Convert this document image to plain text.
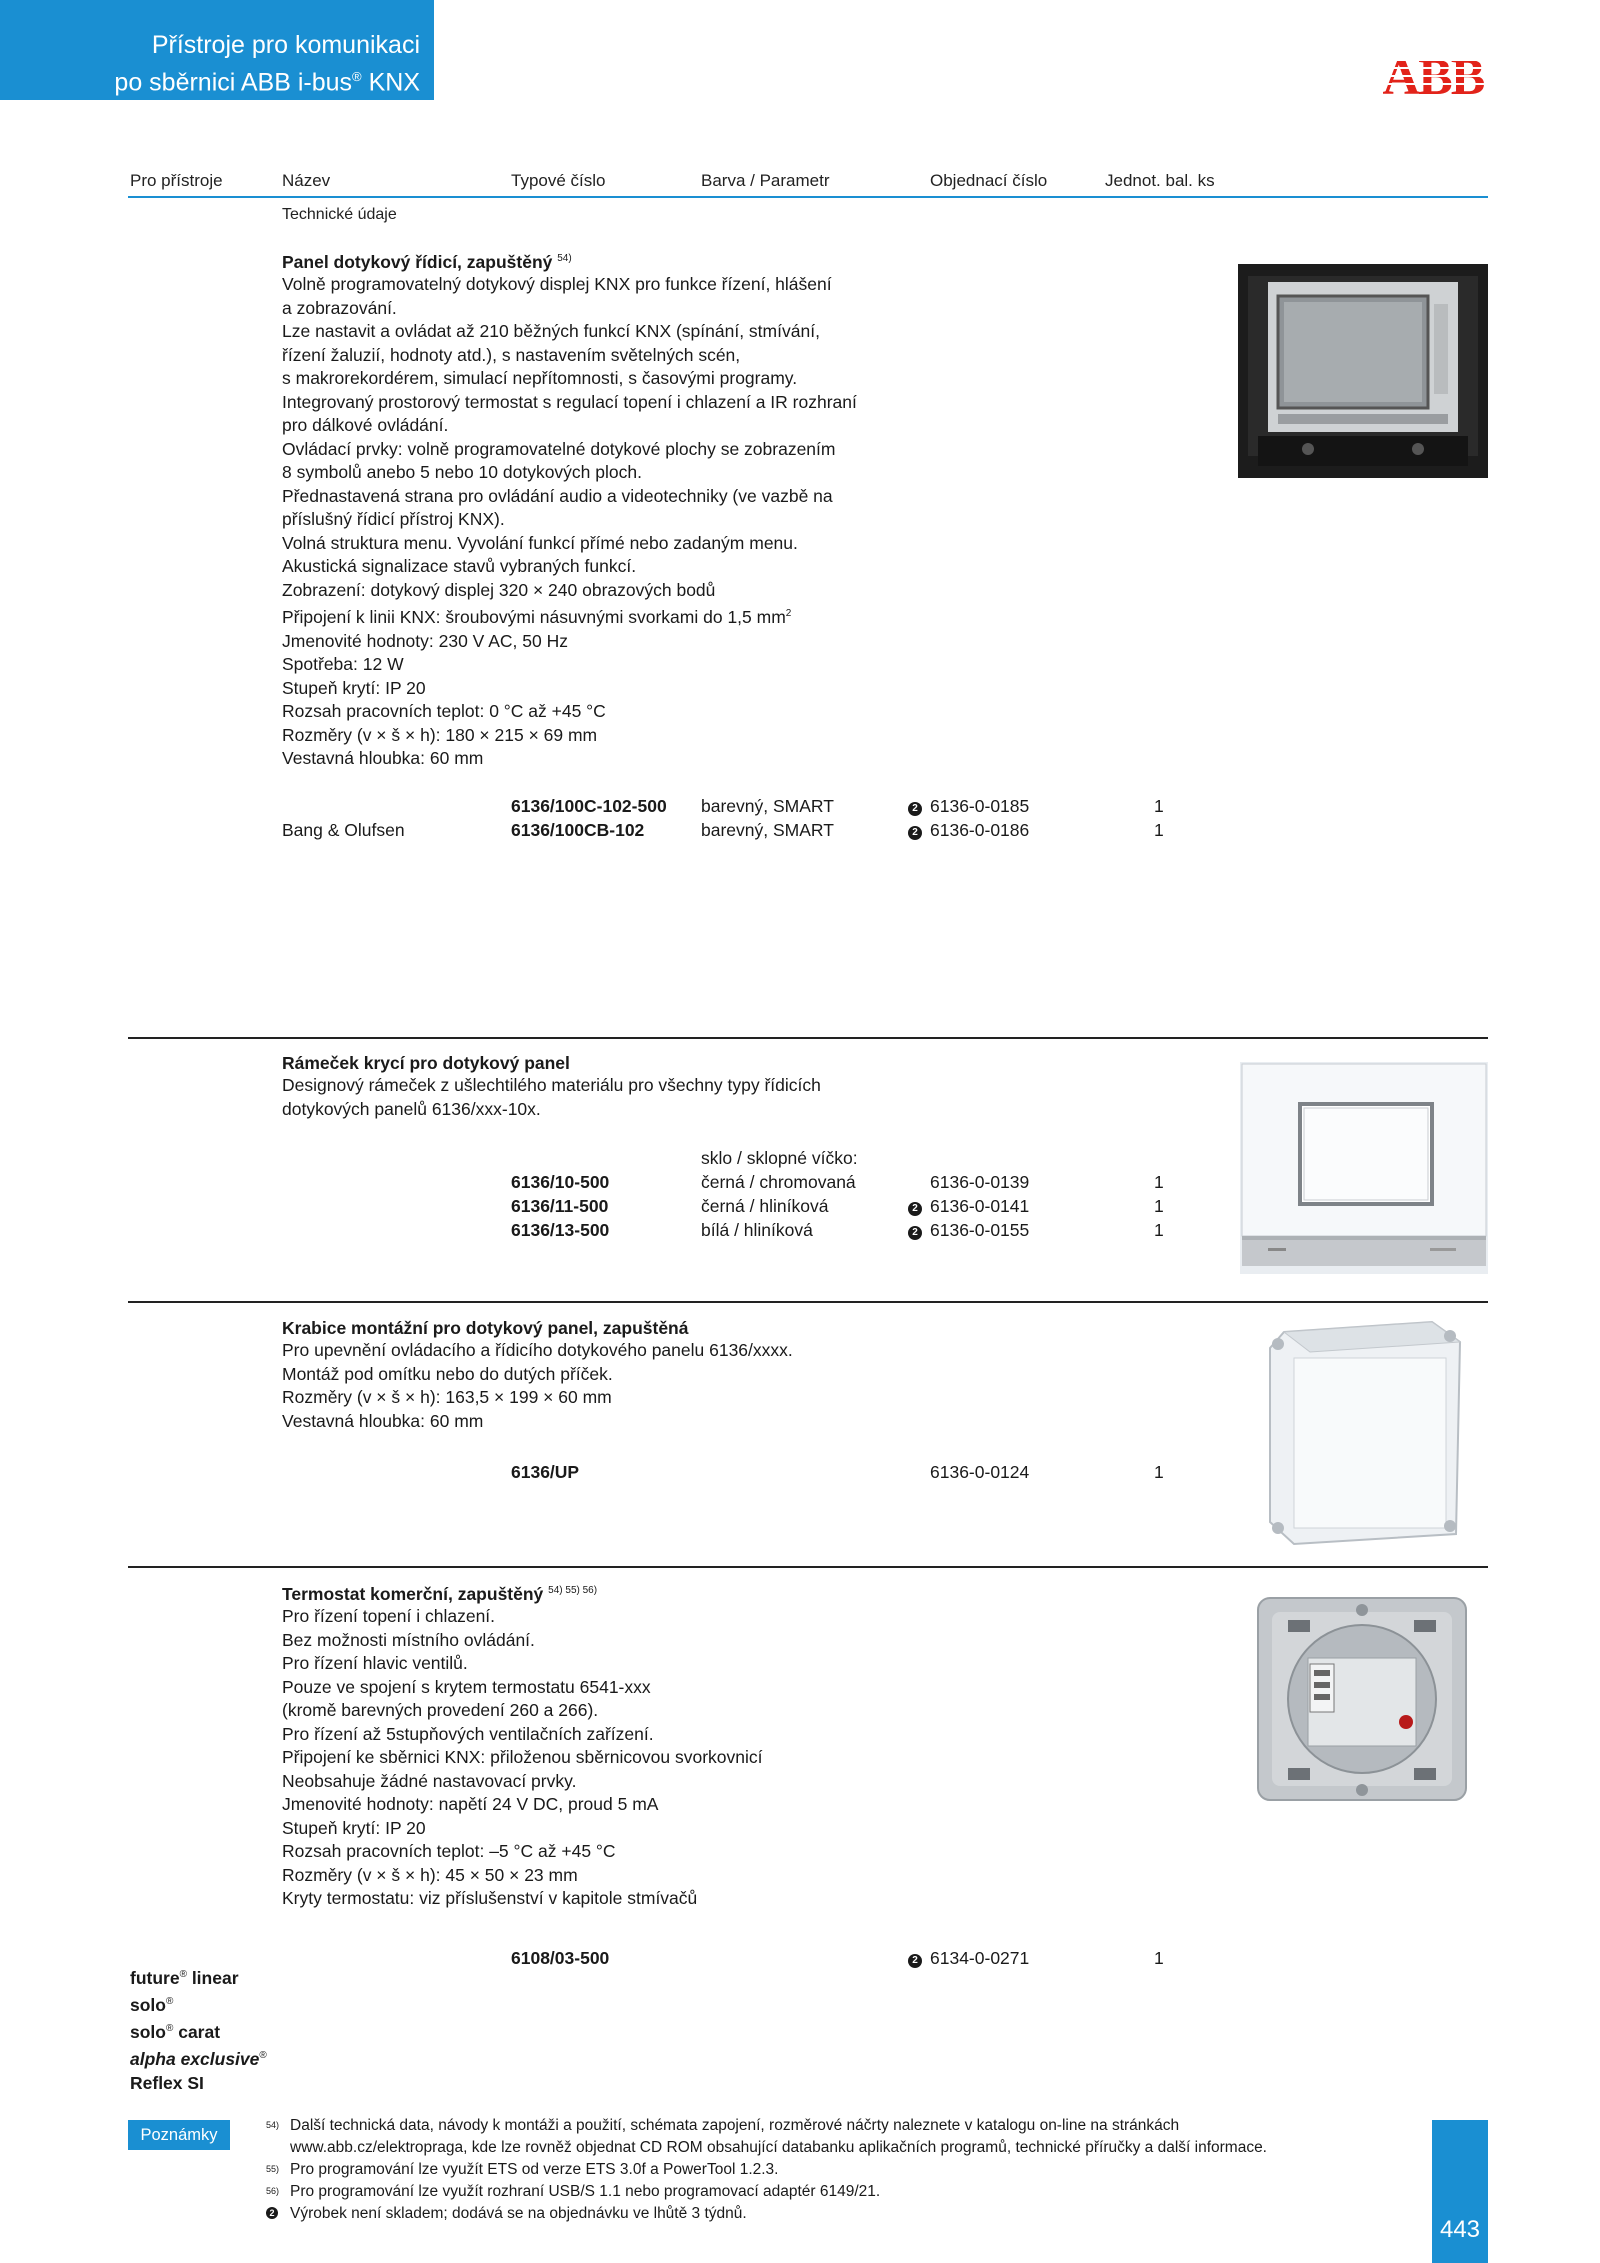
Přístroje pro komunikaci
po sběrnici ABB i-bus® KNX
Pro přístroje	Název	Typové číslo	Barva / Parametr	Objednací číslo	Jednot. bal. ks
Technické údaje
Panel dotykový řídicí, zapuštěný $^{54)}$
Volně programovatelný dotykový displej KNX pro funkce řízení, hlášení
a zobrazování.
Lze nastavit a ovládat až 210 běžných funkcí KNX (spínání, stmívání,
řízení žaluzií, hodnoty atd.), s nastavením světelných scén,
s makrorekordérem, simulací nepřítomnosti, s časovými programy.
Integrovaný prostorový termostat s regulací topení i chlazení a IR rozhraní
pro dálkové ovládání.
Ovládací prvky: volně programovatelné dotykové plochy se zobrazením
8 symbolů anebo 5 nebo 10 dotykových ploch.
Přednastavená strana pro ovládání audio a videotechniky (ve vazbě na
příslušný řídicí přístroj KNX).
Volná struktura menu. Vyvolání funkcí přímé nebo zadaným menu.
Akustická signalizace stavů vybraných funkcí.
Zobrazení: dotykový displej 320 × 240 obrazových bodů
Připojení k linii KNX: šroubovými násuvnými svorkami do 1,5 $mm^2$
Jmenovité hodnoty: 230 V AC, 50 Hz
Spotřeba: 12 W
Stupeň krytí: IP 20
Rozsah pracovních teplot: 0 °C až +45 °C
Rozměry (v × š × h): 180 × 215 × 69 mm
Vestavná hloubka: 60 mm
6136/100C-102-500 barevný, SMART	2 6136-0-0185	1
Bang & Olufsen	6136/100CB-102	barevný, SMART	2 6136-0-0186	1
Rámeček krycí pro dotykový panel
Designový rámeček z ušlechtilého materiálu pro všechny typy řídicích
dotykových panelů 6136/xxx-10x.
sklo / sklopné víčko:
6136/10-500	černá / chromovaná	6136-0-0139	1
6136/11-500	černá / hliníková	2 6136-0-0141	1
6136/13-500	bílá / hliníková	2 6136-0-0155	1
Krabice montážní pro dotykový panel, zapuštěná
Pro upevnění ovládacího a řídicího dotykového panelu 6136/xxxx.
Montáž pod omítku nebo do dutých příček.
Rozměry (v × š × h): 163,5 × 199 × 60 mm
Vestavná hloubka: 60 mm
6136/UP	6136-0-0124	1
Termostat komerční, zapuštěný $^{54) 55) 56)}$
Pro řízení topení i chlazení.
Bez možnosti místního ovládání.
Pro řízení hlavic ventilů.
Pouze ve spojení s krytem termostatu 6541-xxx
(kromě barevných provedení 260 a 266).
Pro řízení až 5stupňových ventilačních zařízení.
Připojení ke sběrnici KNX: přiloženou sběrnicovou svorkovnicí
Neobsahuje žádné nastavovací prvky.
Jmenovité hodnoty: napětí 24 V DC, proud 5 mA
Stupeň krytí: IP 20
Rozsah pracovních teplot: –5 °C až +45 °C
Rozměry (v × š × h): 45 × 50 × 23 mm
Kryty termostatu: viz příslušenství v kapitole stmívačů
6108/03-500	2 6134-0-0271	1
future® linear
solo®
solo® carat
alpha exclusive®
Reflex SI
Poznámky
54) Další technická data, návody k montáži a použití, schémata zapojení, rozměrové náčrty naleznete v katalogu on-line na stránkách
www.abb.cz/elektropraga, kde lze rovněž objednat CD ROM obsahující databanku aplikačních programů, technické příručky a další informace.
55) Pro programování lze využít ETS od verze ETS 3.0f a PowerTool 1.2.3.
56) Pro programování lze využít rozhraní USB/S 1.1 nebo programovací adaptér 6149/21.
2 Výrobek není skladem; dodává se na objednávku ve lhůtě 3 týdnů.
443
